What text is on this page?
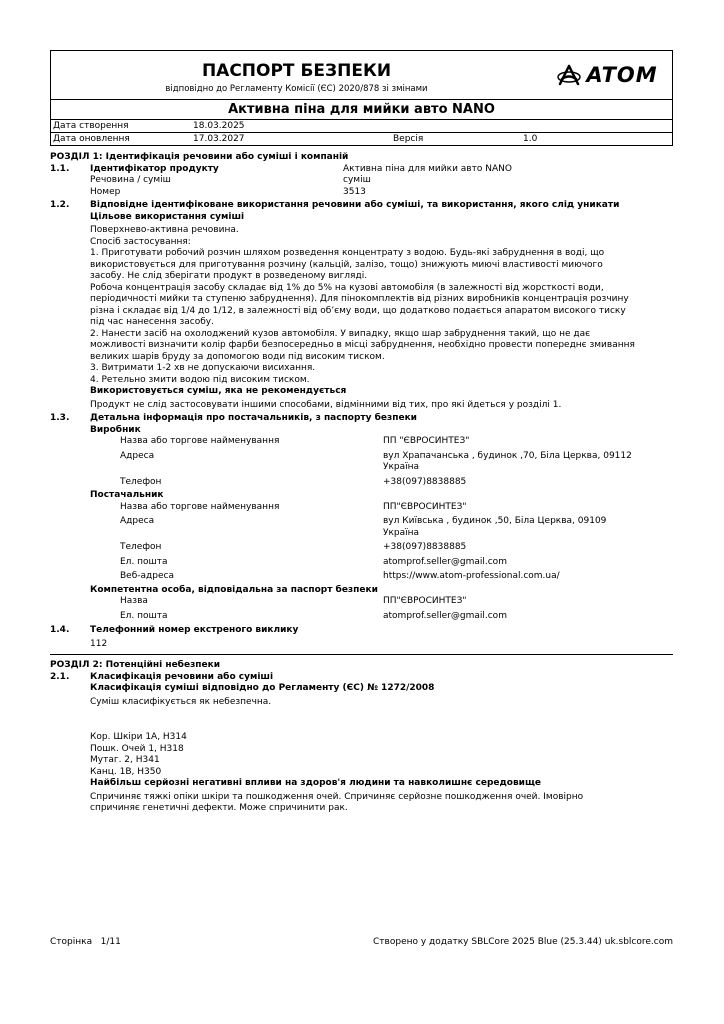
ПАСПОРТ БЕЗПЕКИ
відповідно до Регламенту Комісії (ЄС) 2020/878 зі змінами
ATOM
Активна піна для мийки авто NANO
Дата створення	18.03.2025
Дата оновлення	17.03.2027	Версія	1.0
РОЗДІЛ 1: Ідентифікація речовини або суміші і компаній
1.1.	Ідентифікатор продукту	Активна піна для мийки авто NANO
Речовина / суміш	суміш
Номер	3513
1.2.	Відповідне ідентифіковане використання речовини або суміші, та використання, якого слід уникати
Цільове використання суміші
Поверхнево-активна речовина.
Спосіб застосування:
1. Приготувати робочий розчин шляхом розведення концентрату з водою. Будь-які забруднення в воді, що
використовується для приготування розчину (кальцій, залізо, тощо) знижують миючі властивості миючого
засобу. Не слід зберігати продукт в розведеному вигляді.
Робоча концентрація засобу складає від 1% до 5% на кузові автомобіля (в залежності від жорсткості води,
періодичності мийки та ступеню забруднення). Для пінокомплектів від різних виробників концентрація розчину
різна і складає від 1/4 до 1/12, в залежності від об’єму води, що додатково подається апаратом високого тиску
під час нанесення засобу.
2. Нанести засіб на охолоджений кузов автомобіля. У випадку, якщо шар забруднення такий, що не дає
можливості визначити колір фарби безпосередньо в місці забруднення, необхідно провести попереднє змивання
великих шарів бруду за допомогою води під високим тиском.
3. Витримати 1-2 хв не допускаючи висихання.
4. Ретельно змити водою під високим тиском.
Використовується суміш, яка не рекомендується
Продукт не слід застосовувати іншими способами, відмінними від тих, про які йдеться у розділі 1.
1.3.	Детальна інформація про постачальників, з паспорту безпеки
Виробник
Назва або торгове найменування	ПП "ЄВРОСИНТЕЗ"
Адреса	вул Храпачанська , будинок ,70, Біла Церква, 09112
Україна
Телефон	+38(097)8838885
Постачальник
Назва або торгове найменування	ПП"ЄВРОСИНТЕЗ"
Адреса	вул Київська , будинок ,50, Біла Церква, 09109
Україна
Телефон	+38(097)8838885
Ел. пошта	atomprof.seller@gmail.com
Веб-адреса	https://www.atom-professional.com.ua/
Компетентна особа, відповідальна за паспорт безпеки
Назва	ПП"ЄВРОСИНТЕЗ"
Ел. пошта	atomprof.seller@gmail.com
1.4.	Телефонний номер екстреного виклику
112
РОЗДІЛ 2: Потенційні небезпеки
2.1.	Класифікація речовини або суміші
Класифікація суміші відповідно до Регламенту (ЄС) № 1272/2008
Суміш класифікується як небезпечна.
Кор. Шкіри 1А, H314
Пошк. Очей 1, H318
Мутаг. 2, H341
Канц. 1B, H350
Найбільш серйозні негативні впливи на здоров'я людини та навколишнє середовище
Спричиняє тяжкі опіки шкіри та пошкодження очей. Спричиняє серйозне пошкодження очей. Імовірно
спричиняє генетичні дефекти. Може спричинити рак.
Сторінка   1/11	Створено у додатку SBLCore 2025 Blue (25.3.44) uk.sblcore.com
